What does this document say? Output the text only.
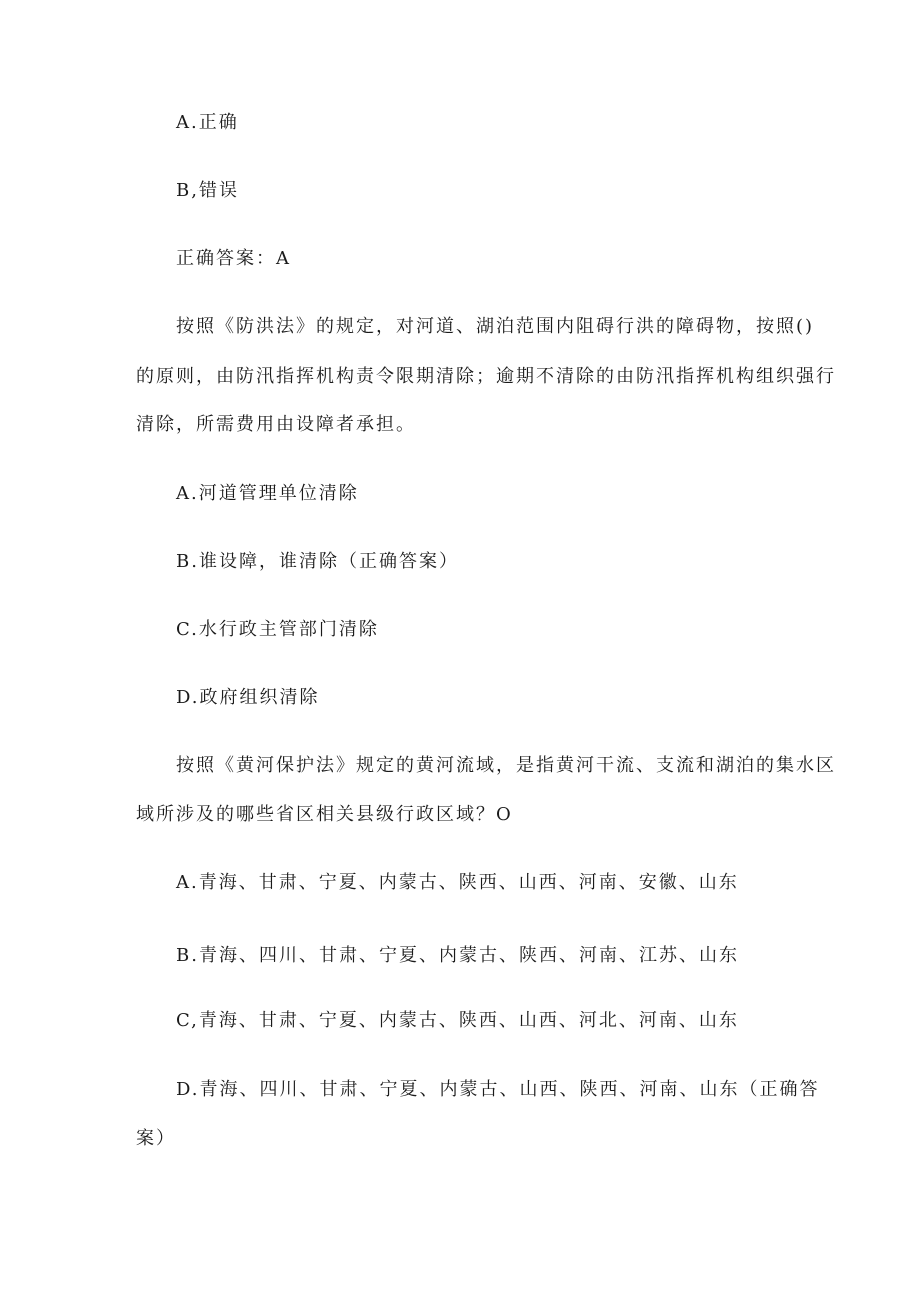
A.正确
B,错误
正确答案：A
按照《防洪法》的规定，对河道、湖泊范围内阻碍行洪的障碍物，按照()
的原则，由防汛指挥机构责令限期清除；逾期不清除的由防汛指挥机构组织强行
清除，所需费用由设障者承担。
A.河道管理单位清除
B.谁设障，谁清除（正确答案）
C.水行政主管部门清除
D.政府组织清除
按照《黄河保护法》规定的黄河流域，是指黄河干流、支流和湖泊的集水区
域所涉及的哪些省区相关县级行政区域？O
A.青海、甘肃、宁夏、内蒙古、陕西、山西、河南、安徽、山东
B.青海、四川、甘肃、宁夏、内蒙古、陕西、河南、江苏、山东
C,青海、甘肃、宁夏、内蒙古、陕西、山西、河北、河南、山东
D.青海、四川、甘肃、宁夏、内蒙古、山西、陕西、河南、山东（正确答
案）
